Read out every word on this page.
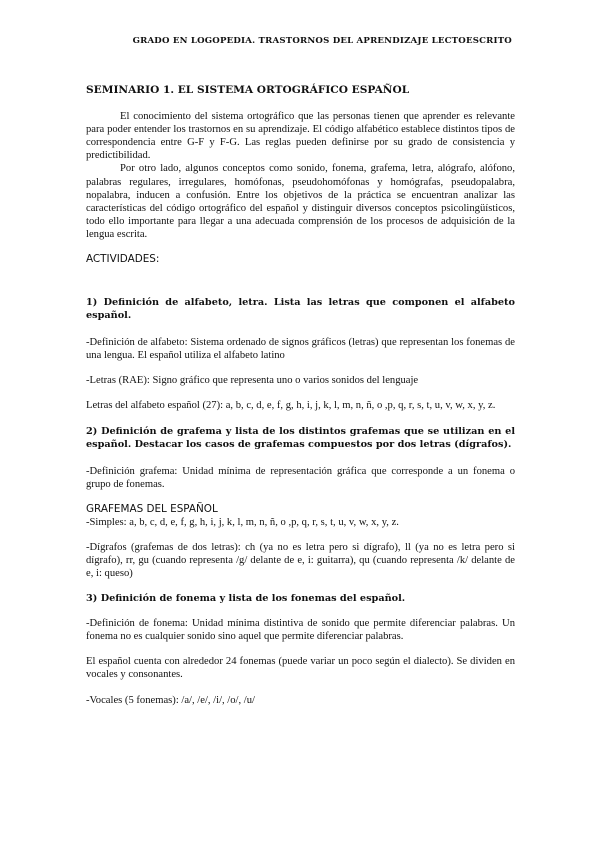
GRADO EN LOGOPEDIA. TRASTORNOS DEL APRENDIZAJE LECTOESCRITO
SEMINARIO 1. EL SISTEMA ORTOGRÁFICO ESPAÑOL

El conocimiento del sistema ortográfico que las personas tienen que aprender es relevante para poder entender los trastornos en su aprendizaje. El código alfabético establece distintos tipos de correspondencia entre G-F y F-G. Las reglas pueden definirse por su grado de consistencia y predictibilidad.

Por otro lado, algunos conceptos como sonido, fonema, grafema, letra, alógrafo, alófono, palabras regulares, irregulares, homófonas, pseudohomófonas y homógrafas, pseudopalabra, nopalabra, inducen a confusión. Entre los objetivos de la práctica se encuentran analizar las características del código ortográfico del español y distinguir diversos conceptos psicolingüísticos, todo ello importante para llegar a una adecuada comprensión de los procesos de adquisición de la lengua escrita.

ACTIVIDADES:

1) Definición de alfabeto, letra. Lista las letras que componen el alfabeto español.

-Definición de alfabeto: Sistema ordenado de signos gráficos (letras) que representan los fonemas de una lengua. El español utiliza el alfabeto latino

-Letras (RAE): Signo gráfico que representa uno o varios sonidos del lenguaje

Letras del alfabeto español (27): a, b, c, d, e, f, g, h, i, j, k, l, m, n, ñ, o ,p, q, r, s, t, u, v, w, x, y, z.

2) Definición de grafema y lista de los distintos grafemas que se utilizan en el español. Destacar los casos de grafemas compuestos por dos letras (dígrafos).

-Definición grafema: Unidad mínima de representación gráfica que corresponde a un fonema o grupo de fonemas.

GRAFEMAS DEL ESPAÑOL

-Simples: a, b, c, d, e, f, g, h, i, j, k, l, m, n, ñ, o ,p, q, r, s, t, u, v, w, x, y, z.

-Dígrafos (grafemas de dos letras): ch (ya no es letra pero si dígrafo), ll (ya no es letra pero si dígrafo), rr, gu (cuando representa /g/ delante de e, i: guitarra), qu (cuando representa /k/ delante de e, i: queso)

3) Definición de fonema y lista de los fonemas del español.

-Definición de fonema: Unidad mínima distintiva de sonido que permite diferenciar palabras. Un fonema no es cualquier sonido sino aquel que permite diferenciar palabras.

El español cuenta con alrededor 24 fonemas (puede variar un poco según el dialecto). Se dividen en vocales y consonantes.

-Vocales (5 fonemas): /a/, /e/, /i/, /o/, /u/
